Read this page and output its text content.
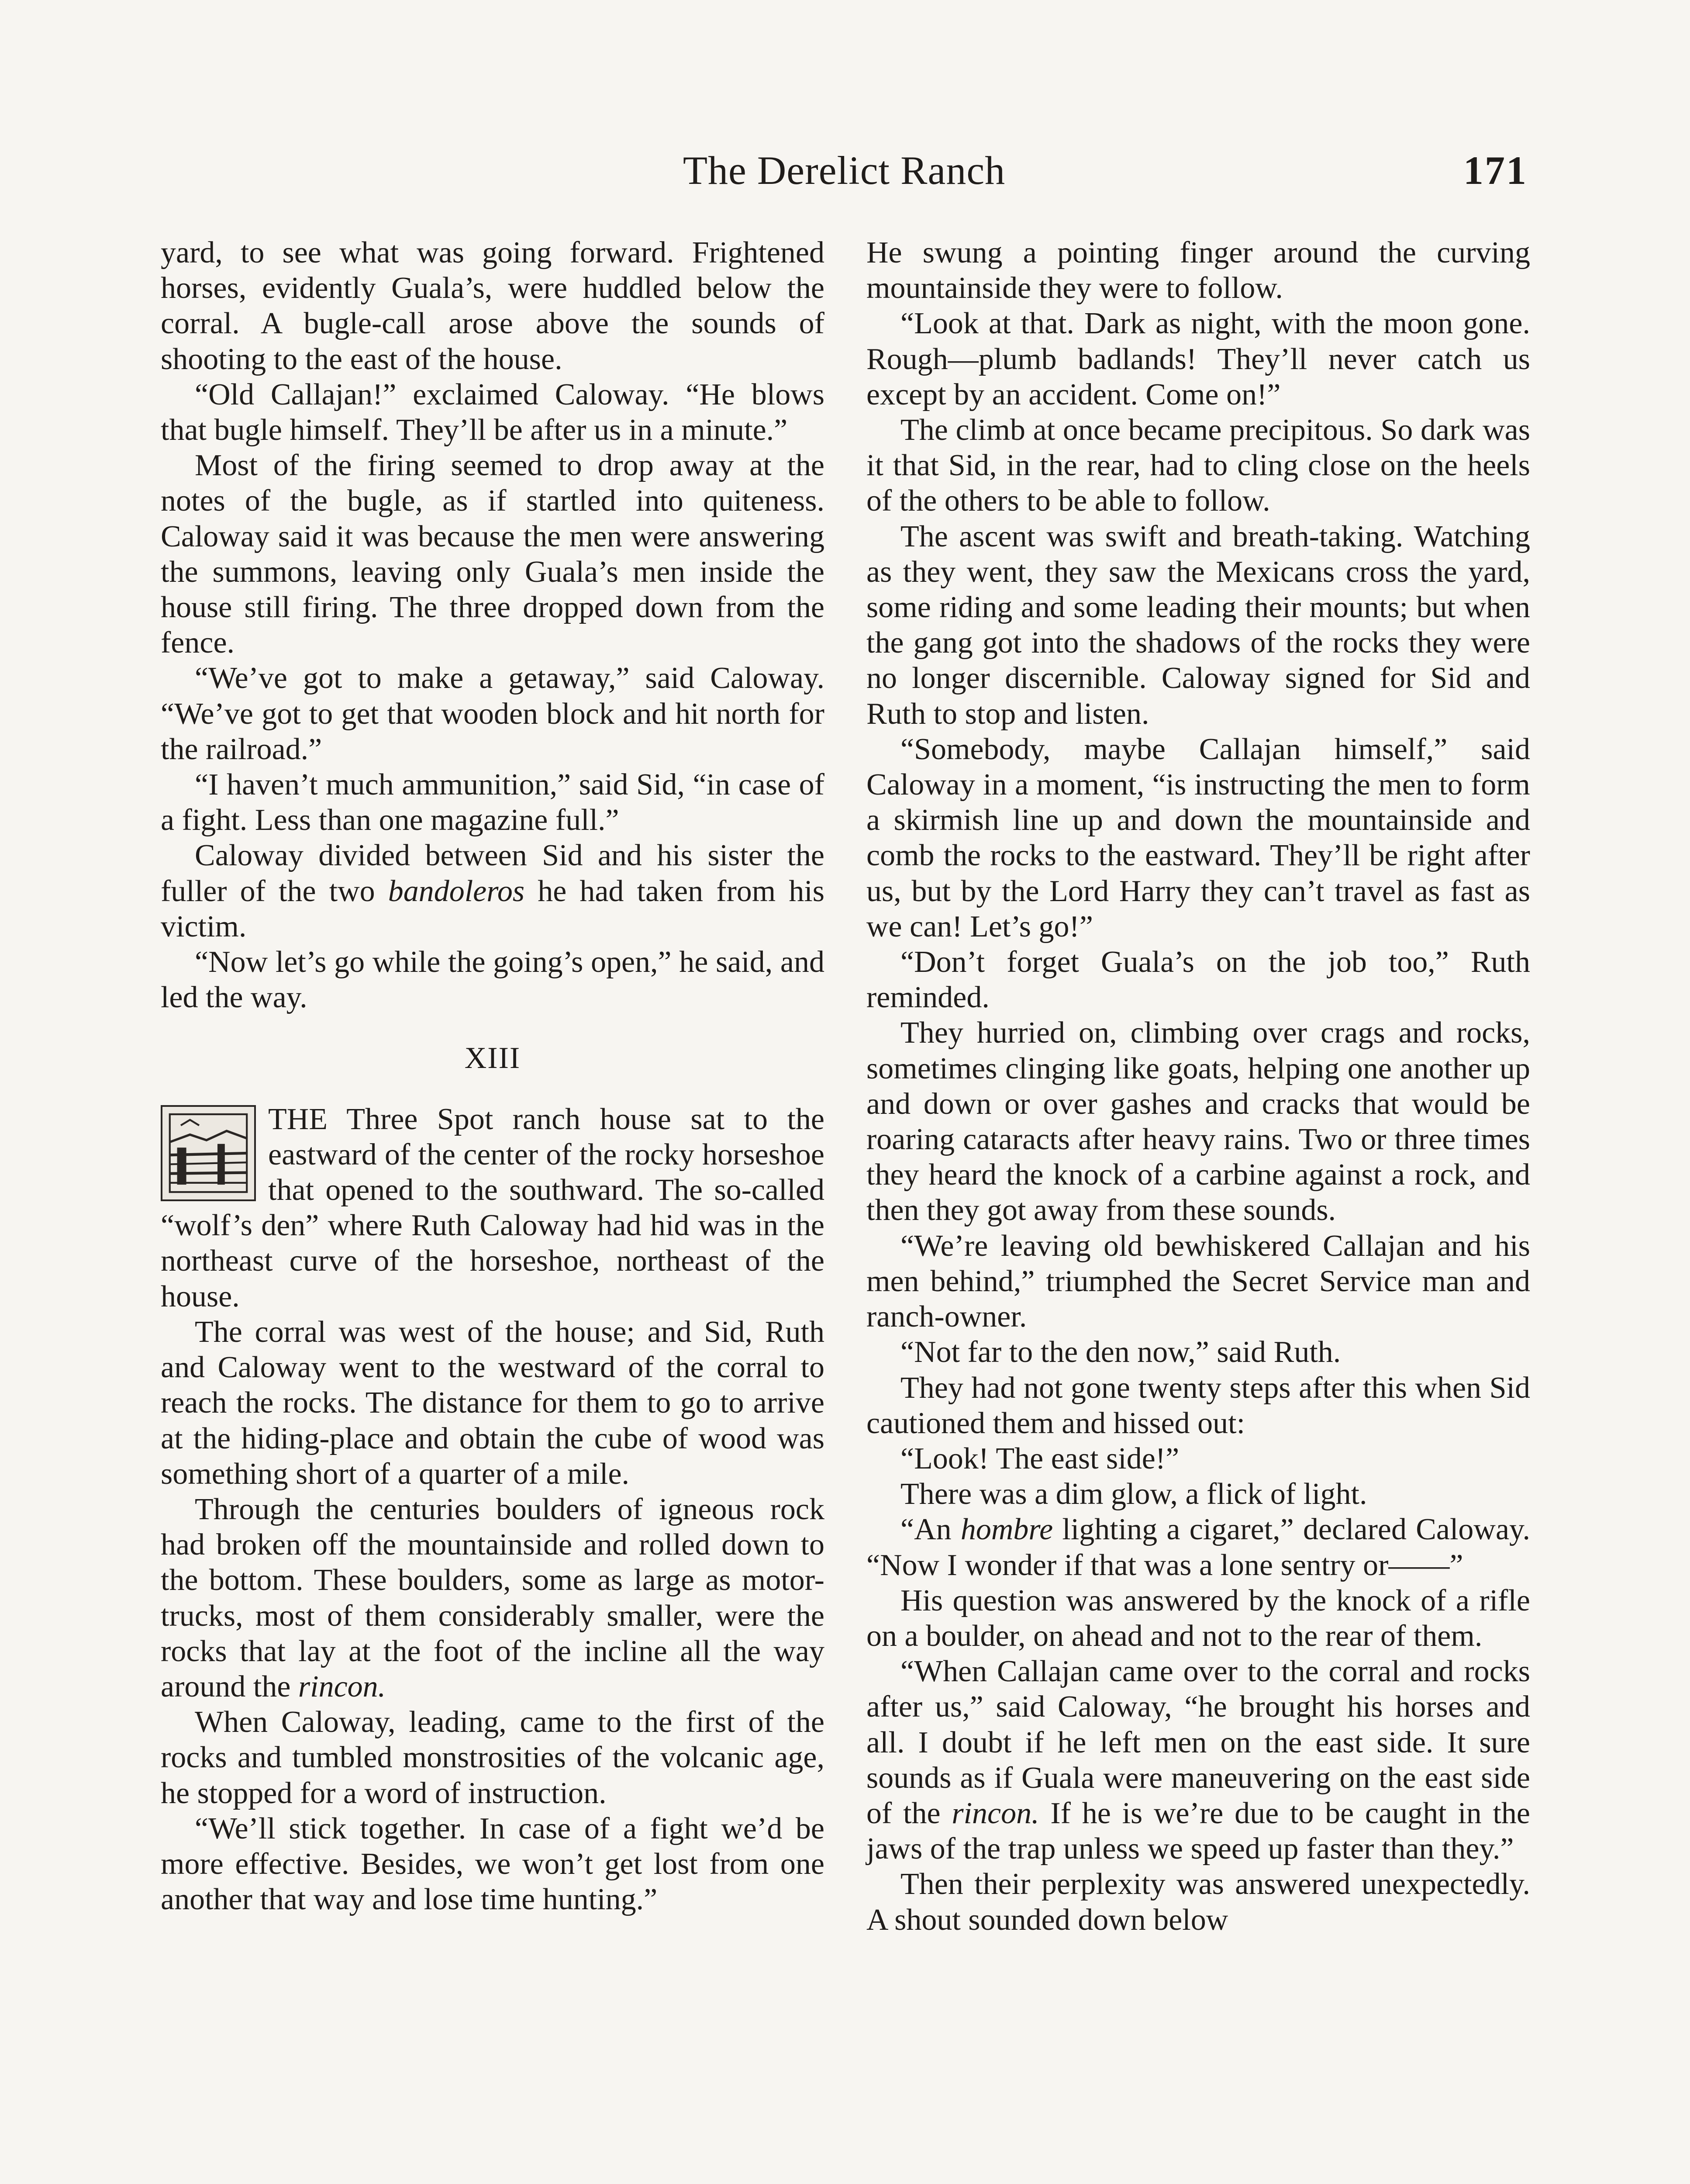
The Derelict Ranch	171

yard, to see what was going forward. Frightened horses, evidently Guala’s, were huddled below the corral. A bugle-call arose above the sounds of shooting to the east of the house.

“Old Callajan!” exclaimed Caloway. “He blows that bugle himself. They’ll be after us in a minute.”

Most of the firing seemed to drop away at the notes of the bugle, as if startled into quiteness. Caloway said it was because the men were answering the summons, leaving only Guala’s men inside the house still firing. The three dropped down from the fence.

“We’ve got to make a getaway,” said Caloway. “We’ve got to get that wooden block and hit north for the railroad.”

“I haven’t much ammunition,” said Sid, “in case of a fight. Less than one magazine full.”

Caloway divided between Sid and his sister the fuller of the two bandoleros he had taken from his victim.

“Now let’s go while the going’s open,” he said, and led the way.

XIII

THE Three Spot ranch house sat to the eastward of the center of the rocky horseshoe that opened to the southward. The so-called “wolf’s den” where Ruth Caloway had hid was in the northeast curve of the horseshoe, northeast of the house.

The corral was west of the house; and Sid, Ruth and Caloway went to the westward of the corral to reach the rocks. The distance for them to go to arrive at the hiding-place and obtain the cube of wood was something short of a quarter of a mile.

Through the centuries boulders of igneous rock had broken off the mountainside and rolled down to the bottom. These boulders, some as large as motor-trucks, most of them considerably smaller, were the rocks that lay at the foot of the incline all the way around the rincon.

When Caloway, leading, came to the first of the rocks and tumbled monstrosities of the volcanic age, he stopped for a word of instruction.

“We’ll stick together. In case of a fight we’d be more effective. Besides, we won’t get lost from one another that way and lose time hunting.”

He swung a pointing finger around the curving mountainside they were to follow.

“Look at that. Dark as night, with the moon gone. Rough—plumb badlands! They’ll never catch us except by an accident. Come on!”

The climb at once became precipitous. So dark was it that Sid, in the rear, had to cling close on the heels of the others to be able to follow.

The ascent was swift and breath-taking. Watching as they went, they saw the Mexicans cross the yard, some riding and some leading their mounts; but when the gang got into the shadows of the rocks they were no longer discernible. Caloway signed for Sid and Ruth to stop and listen.

“Somebody, maybe Callajan himself,” said Caloway in a moment, “is instructing the men to form a skirmish line up and down the mountainside and comb the rocks to the eastward. They’ll be right after us, but by the Lord Harry they can’t travel as fast as we can! Let’s go!”

“Don’t forget Guala’s on the job too,” Ruth reminded.

They hurried on, climbing over crags and rocks, sometimes clinging like goats, helping one another up and down or over gashes and cracks that would be roaring cataracts after heavy rains. Two or three times they heard the knock of a carbine against a rock, and then they got away from these sounds.

“We’re leaving old bewhiskered Callajan and his men behind,” triumphed the Secret Service man and ranch-owner.

“Not far to the den now,” said Ruth.

They had not gone twenty steps after this when Sid cautioned them and hissed out:

“Look! The east side!”

There was a dim glow, a flick of light.

“An hombre lighting a cigaret,” declared Caloway. “Now I wonder if that was a lone sentry or——”

His question was answered by the knock of a rifle on a boulder, on ahead and not to the rear of them.

“When Callajan came over to the corral and rocks after us,” said Caloway, “he brought his horses and all. I doubt if he left men on the east side. It sure sounds as if Guala were maneuvering on the east side of the rincon. If he is we’re due to be caught in the jaws of the trap unless we speed up faster than they.”

Then their perplexity was answered unexpectedly. A shout sounded down below
